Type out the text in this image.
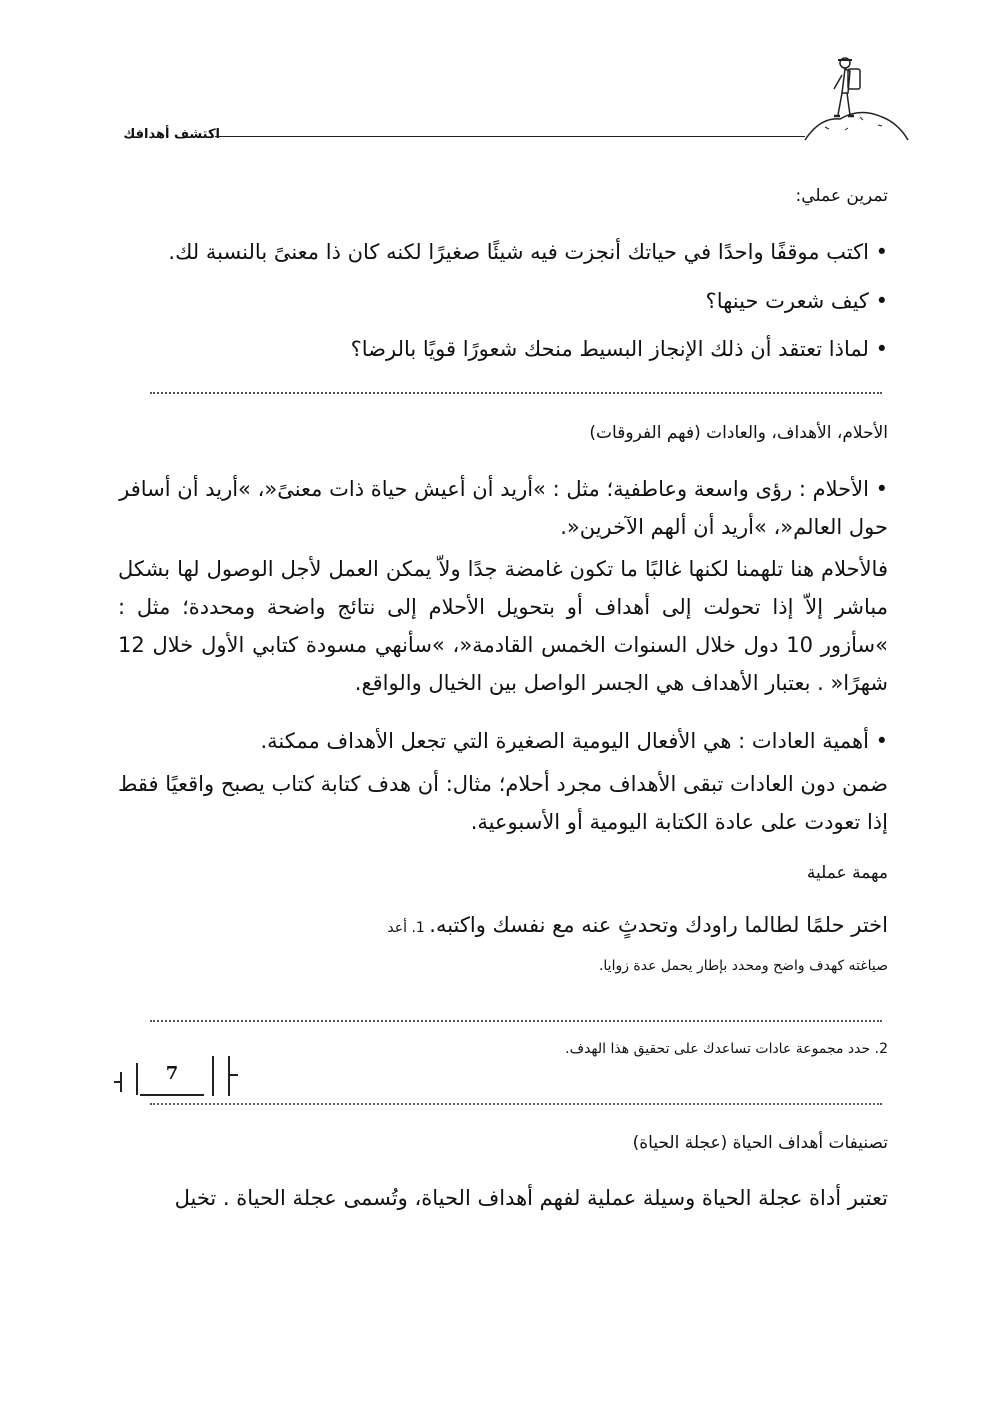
اكتشف أهدافك
تمرين عملي:
• اكتب موقفًا واحدًا في حياتك أنجزت فيه شيئًا صغيرًا لكنه كان ذا معنىً بالنسبة لك.
• كيف شعرت حينها؟
• لماذا تعتقد أن ذلك الإنجاز البسيط منحك شعورًا قويًا بالرضا؟
الأحلام، الأهداف، والعادات (فهم الفروقات)
• الأحلام : رؤى واسعة وعاطفية؛ مثل : »أريد أن أعيش حياة ذات معنىً«، »أريد أن أسافر حول العالم«، »أريد أن ألهم الآخرين«.
فالأحلام هنا تلهمنا لكنها غالبًا ما تكون غامضة جدًا ولاّ يمكن العمل لأجل الوصول لها بشكل مباشر إلاّ إذا تحولت إلى أهداف أو بتحويل الأحلام إلى نتائج واضحة ومحددة؛ مثل : »سأزور 10 دول خلال السنوات الخمس القادمة«، »سأنهي مسودة كتابي الأول خلال 12 شهرًا« . بعتبار الأهداف هي الجسر الواصل بين الخيال والواقع.
• أهمية العادات : هي الأفعال اليومية الصغيرة التي تجعل الأهداف ممكنة.
ضمن دون العادات تبقى الأهداف مجرد أحلام؛ مثال: أن هدف كتابة كتاب يصبح واقعيًا فقط إذا تعودت على عادة الكتابة اليومية أو الأسبوعية.
مهمة عملية
اختر حلمًا لطالما راودك وتحدثٍ عنه مع نفسك واكتبه. 1. أعد
صياغته كهدف واضح ومحدد بإطار يحمل عدة زوايا.
2. حدد مجموعة عادات تساعدك على تحقيق هذا الهدف.
تصنيفات أهداف الحياة (عجلة الحياة)
تعتبر أداة عجلة الحياة وسيلة عملية لفهم أهداف الحياة، وتُسمى عجلة الحياة . تخيل
7
